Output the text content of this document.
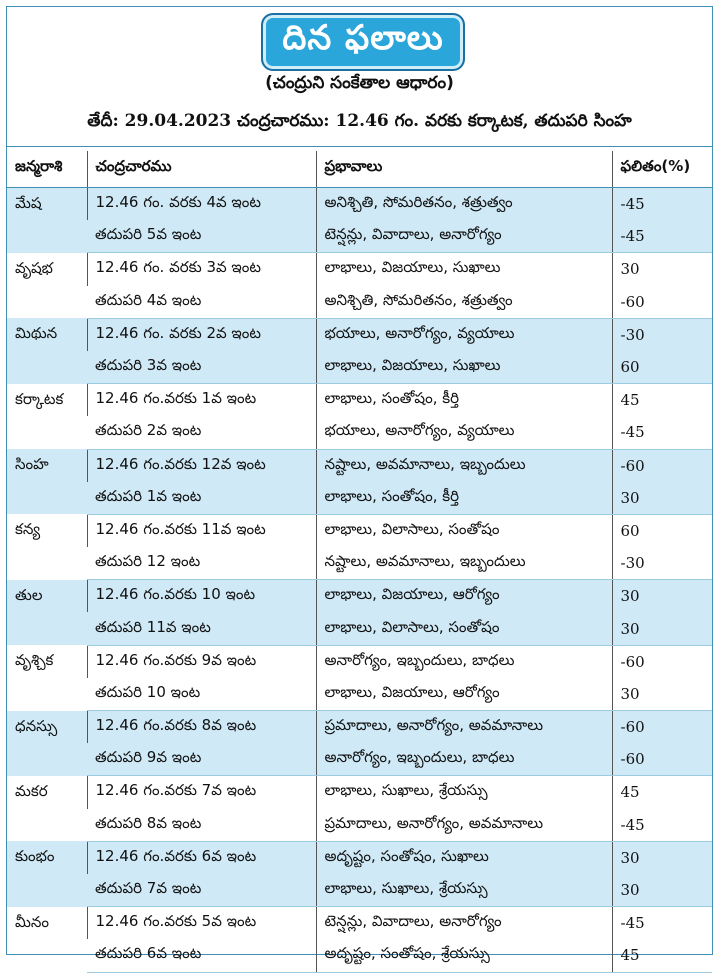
దిన ఫలాలు
(చంద్రుని సంకేతాల ఆధారం)
తేదీ: 29.04.2023 చంద్రచారము: 12.46 గం. వరకు కర్కాటక, తదుపరి సింహ
జన్మరాశి	చంద్రచారము	ప్రభావాలు	ఫలితం(%)
మేష	12.46 గం. వరకు 4వ ఇంట	అనిశ్చితి, సోమరితనం, శత్రుత్వం	-45
	తదుపరి 5వ ఇంట	టెన్షన్లు, వివాదాలు, అనారోగ్యం	-45
వృషభ	12.46 గం. వరకు 3వ ఇంట	లాభాలు, విజయాలు, సుఖాలు	30
	తదుపరి 4వ ఇంట	అనిశ్చితి, సోమరితనం, శత్రుత్వం	-60
మిథున	12.46 గం. వరకు 2వ ఇంట	భయాలు, అనారోగ్యం, వ్యయాలు	-30
	తదుపరి 3వ ఇంట	లాభాలు, విజయాలు, సుఖాలు	60
కర్కాటక	12.46 గం.వరకు 1వ ఇంట	లాభాలు, సంతోషం, కీర్తి	45
	తదుపరి 2వ ఇంట	భయాలు, అనారోగ్యం, వ్యయాలు	-45
సింహ	12.46 గం.వరకు 12వ ఇంట	నష్టాలు, అవమానాలు, ఇబ్బందులు	-60
	తదుపరి 1వ ఇంట	లాభాలు, సంతోషం, కీర్తి	30
కన్య	12.46 గం.వరకు 11వ ఇంట	లాభాలు, విలాసాలు, సంతోషం	60
	తదుపరి 12 ఇంట	నష్టాలు, అవమానాలు, ఇబ్బందులు	-30
తుల	12.46 గం.వరకు 10 ఇంట	లాభాలు, విజయాలు, ఆరోగ్యం	30
	తదుపరి 11వ ఇంట	లాభాలు, విలాసాలు, సంతోషం	30
వృశ్చిక	12.46 గం.వరకు 9వ ఇంట	అనారోగ్యం, ఇబ్బందులు, బాధలు	-60
	తదుపరి 10 ఇంట	లాభాలు, విజయాలు, ఆరోగ్యం	30
ధనస్సు	12.46 గం.వరకు 8వ ఇంట	ప్రమాదాలు, అనారోగ్యం, అవమానాలు	-60
	తదుపరి 9వ ఇంట	అనారోగ్యం, ఇబ్బందులు, బాధలు	-60
మకర	12.46 గం.వరకు 7వ ఇంట	లాభాలు, సుఖాలు, శ్రేయస్సు	45
	తదుపరి 8వ ఇంట	ప్రమాదాలు, అనారోగ్యం, అవమానాలు	-45
కుంభం	12.46 గం.వరకు 6వ ఇంట	అదృష్టం, సంతోషం, సుఖాలు	30
	తదుపరి 7వ ఇంట	లాభాలు, సుఖాలు, శ్రేయస్సు	30
మీనం	12.46 గం.వరకు 5వ ఇంట	టెన్షన్లు, వివాదాలు, అనారోగ్యం	-45
	తదుపరి 6వ ఇంట	అదృష్టం, సంతోషం, శ్రేయస్సు	45
